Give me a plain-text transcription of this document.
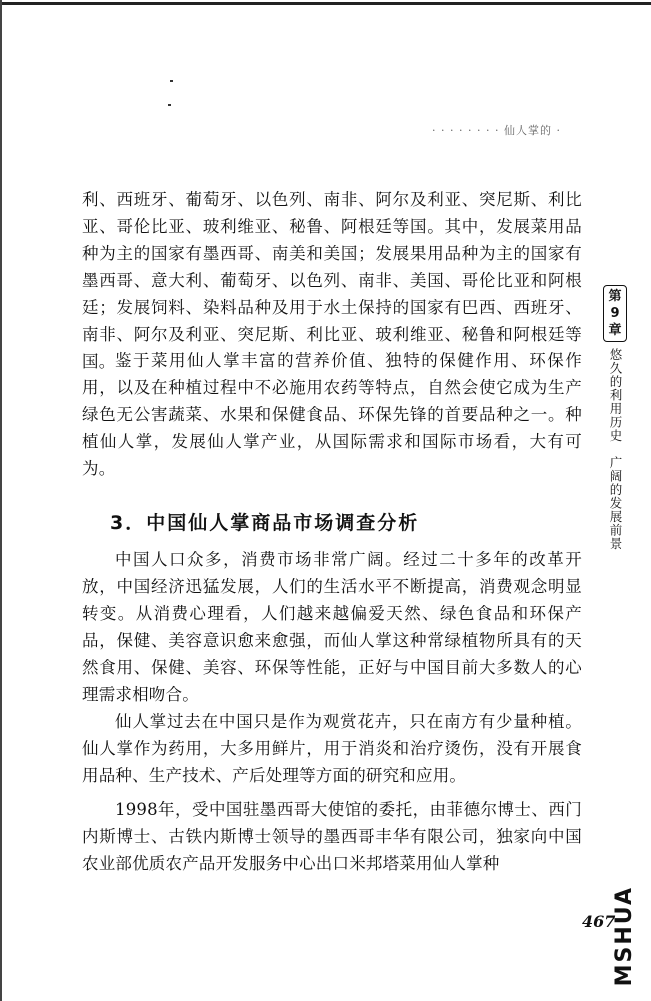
· · · · · · · · 仙人掌的 ·

利、西班牙、葡萄牙、以色列、南非、阿尔及利亚、突尼斯、利比亚、哥伦比亚、玻利维亚、秘鲁、阿根廷等国。其中，发展菜用品种为主的国家有墨西哥、南美和美国；发展果用品种为主的国家有墨西哥、意大利、葡萄牙、以色列、南非、美国、哥伦比亚和阿根廷；发展饲料、染料品种及用于水土保持的国家有巴西、西班牙、南非、阿尔及利亚、突尼斯、利比亚、玻利维亚、秘鲁和阿根廷等国。 鉴于菜用仙人掌丰富的营养价值、独特的保健作用、环保作用，以及在种植过程中不必施用农药等特点，自然会使它成为生产绿色无公害蔬菜、水果和保健食品、环保先锋的首要品种之一。种植仙人掌，发展仙人掌产业，从国际需求和国际市场看，大有可为。

3．中国仙人掌商品市场调查分析

中国人口众多，消费市场非常广阔。经过二十多年的改革开放，中国经济迅猛发展，人们的生活水平不断提高，消费观念明显转变。从消费心理看，人们越来越偏爱天然、绿色食品和环保产品，保健、美容意识愈来愈强，而仙人掌这种常绿植物所具有的天然食用、保健、美容、环保等性能，正好与中国目前大多数人的心理需求相吻合。

仙人掌过去在中国只是作为观赏花卉，只在南方有少量种植。仙人掌作为药用，大多用鲜片，用于消炎和治疗烫伤，没有开展食用品种、生产技术、产后处理等方面的研究和应用。

1998年，受中国驻墨西哥大使馆的委托，由菲德尔博士、西门内斯博士、古铁内斯博士领导的墨西哥丰华有限公司，独家向中国农业部优质农产品开发服务中心出口米邦塔菜用仙人掌种

第
9
章
悠久的利用历史　广阔的发展前景
467
MSHUA
